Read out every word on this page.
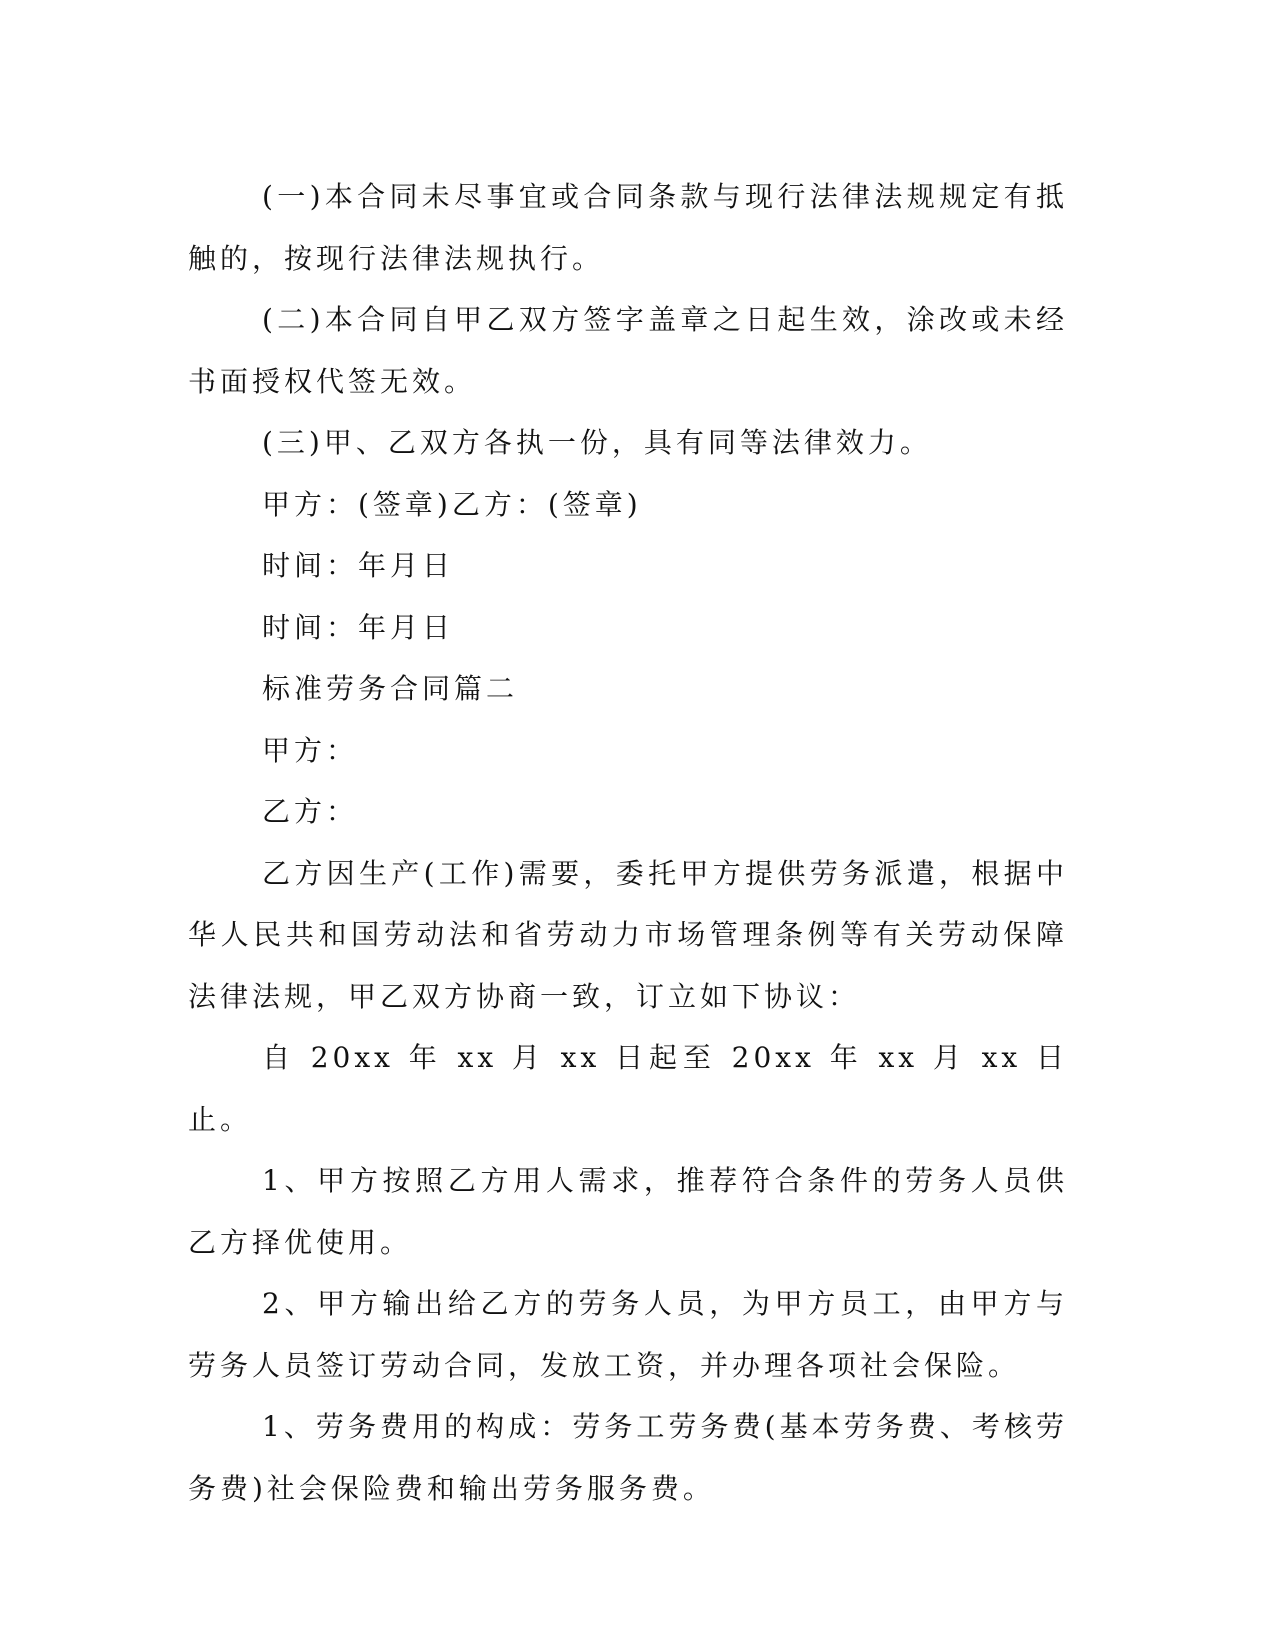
(一)本合同未尽事宜或合同条款与现行法律法规规定有抵触的，按现行法律法规执行。

(二)本合同自甲乙双方签字盖章之日起生效，涂改或未经书面授权代签无效。

(三)甲、乙双方各执一份，具有同等法律效力。

甲方：(签章)乙方：(签章)

时间：年月日

时间：年月日

标准劳务合同篇二

甲方：

乙方：

乙方因生产(工作)需要，委托甲方提供劳务派遣，根据中华人民共和国劳动法和省劳动力市场管理条例等有关劳动保障法律法规，甲乙双方协商一致，订立如下协议：

自 20xx 年 xx 月 xx 日起至 20xx 年 xx 月 xx 日止。

1、甲方按照乙方用人需求，推荐符合条件的劳务人员供乙方择优使用。

2、甲方输出给乙方的劳务人员，为甲方员工，由甲方与劳务人员签订劳动合同，发放工资，并办理各项社会保险。

1、劳务费用的构成：劳务工劳务费(基本劳务费、考核劳务费)社会保险费和输出劳务服务费。
